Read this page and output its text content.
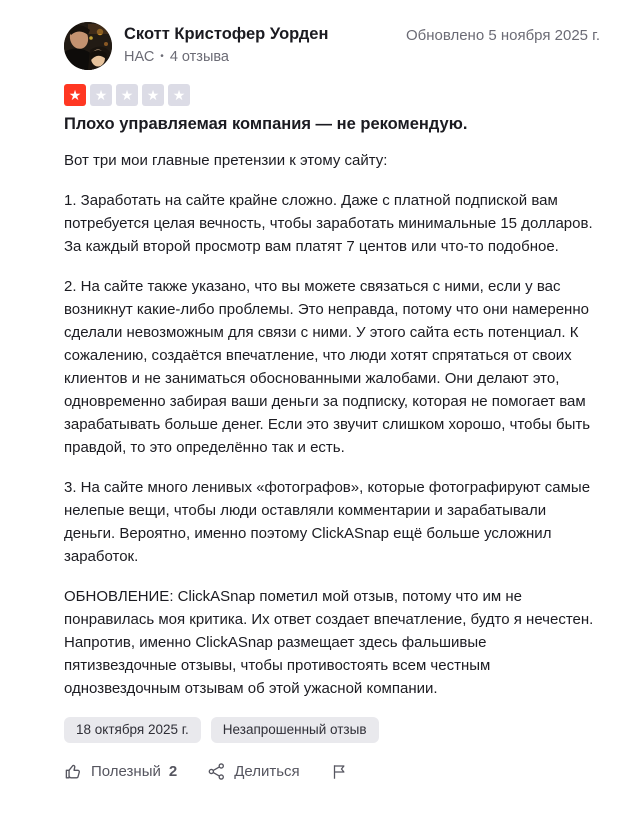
Скотт Кристофер Уорден
НАС • 4 отзыва
Обновлено 5 ноября 2025 г.
★ ★ ★ ★ ★
Плохо управляемая компания — не рекомендую.

Вот три мои главные претензии к этому сайту:

1. Заработать на сайте крайне сложно. Даже с платной подпиской вам потребуется целая вечность, чтобы заработать минимальные 15 долларов. За каждый второй просмотр вам платят 7 центов или что-то подобное.

2. На сайте также указано, что вы можете связаться с ними, если у вас возникнут какие-либо проблемы. Это неправда, потому что они намеренно сделали невозможным для связи с ними. У этого сайта есть потенциал. К сожалению, создаётся впечатление, что люди хотят спрятаться от своих клиентов и не заниматься обоснованными жалобами. Они делают это, одновременно забирая ваши деньги за подписку, которая не помогает вам зарабатывать больше денег. Если это звучит слишком хорошо, чтобы быть правдой, то это определённо так и есть.

3. На сайте много ленивых «фотографов», которые фотографируют самые нелепые вещи, чтобы люди оставляли комментарии и зарабатывали деньги. Вероятно, именно поэтому ClickASnap ещё больше усложнил заработок.

ОБНОВЛЕНИЕ: ClickASnap пометил мой отзыв, потому что им не понравилась моя критика. Их ответ создает впечатление, будто я нечестен. Напротив, именно ClickASnap размещает здесь фальшивые пятизвездочные отзывы, чтобы противостоять всем честным однозвездочным отзывам об этой ужасной компании.

18 октября 2025 г.	Незапрошенный отзыв
Полезный 2	Делиться
